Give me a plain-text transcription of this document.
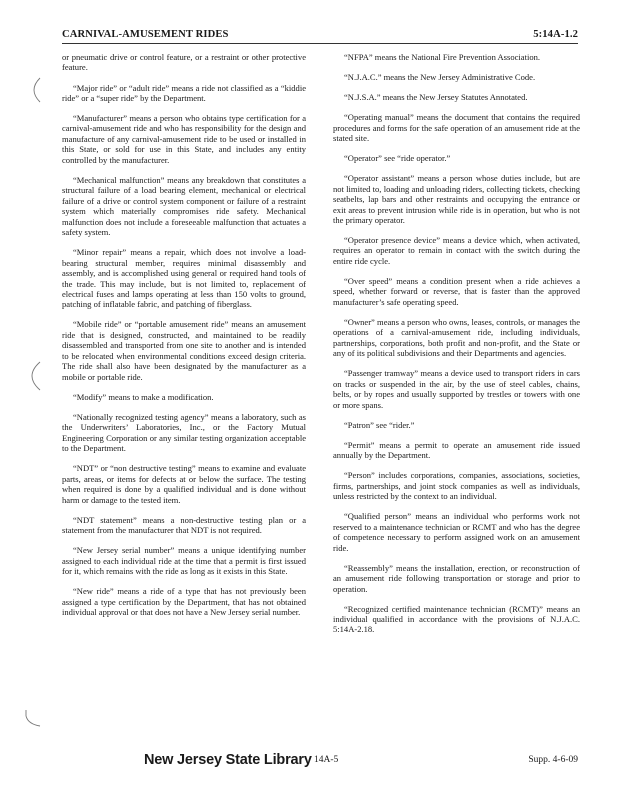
CARNIVAL-AMUSEMENT RIDES	5:14A-1.2

or pneumatic drive or control feature, or a restraint or other protective feature.

“Major ride” or “adult ride” means a ride not classified as a “kiddie ride” or a “super ride” by the Department.

“Manufacturer” means a person who obtains type certification for a carnival-amusement ride and who has responsibility for the design and manufacture of any carnival-amusement ride to be used or installed in this State, or sold for use in this State, and includes any entity controlled by the manufacturer.

“Mechanical malfunction” means any breakdown that constitutes a structural failure of a load bearing element, mechanical or electrical failure of a drive or control system component or failure of a restraint system which materially compromises ride safety. Mechanical malfunction does not include a foreseeable malfunction that actuates a safety system.

“Minor repair” means a repair, which does not involve a load-bearing structural member, requires minimal disassembly and assembly, and is accomplished using general or required hand tools of the trade. This may include, but is not limited to, replacement of electrical fuses and lamps operating at less than 150 volts to ground, patching of inflatable fabric, and patching of fiberglass.

“Mobile ride” or “portable amusement ride” means an amusement ride that is designed, constructed, and maintained to be readily disassembled and transported from one site to another and is intended to be relocated when environmental conditions exceed design criteria. The ride shall also have been designated by the manufacturer as a mobile or portable ride.

“Modify” means to make a modification.

“Nationally recognized testing agency” means a laboratory, such as the Underwriters’ Laboratories, Inc., or the Factory Mutual Engineering Corporation or any similar testing organization acceptable to the Department.

“NDT” or “non destructive testing” means to examine and evaluate parts, areas, or items for defects at or below the surface. The testing when required is done by a qualified individual and is done without harm or damage to the tested item.

“NDT statement” means a non-destructive testing plan or a statement from the manufacturer that NDT is not required.

“New Jersey serial number” means a unique identifying number assigned to each individual ride at the time that a permit is first issued for it, which remains with the ride as long as it exists in this State.

“New ride” means a ride of a type that has not previously been assigned a type certification by the Department, that has not obtained individual approval or that does not have a New Jersey serial number.

“NFPA” means the National Fire Prevention Association.

“N.J.A.C.” means the New Jersey Administrative Code.

“N.J.S.A.” means the New Jersey Statutes Annotated.

“Operating manual” means the document that contains the required procedures and forms for the safe operation of an amusement ride at the stated site.

“Operator” see “ride operator.”

“Operator assistant” means a person whose duties include, but are not limited to, loading and unloading riders, collecting tickets, checking seatbelts, lap bars and other restraints and occupying the entrance or exit areas to prevent intrusion while ride is in operation, but who is not the primary operator.

“Operator presence device” means a device which, when activated, requires an operator to remain in contact with the switch during the entire ride cycle.

“Over speed” means a condition present when a ride achieves a speed, whether forward or reverse, that is faster than the approved manufacturer’s safe operating speed.

“Owner” means a person who owns, leases, controls, or manages the operations of a carnival-amusement ride, including individuals, partnerships, corporations, both profit and non-profit, and the State or any of its political subdivisions and their Departments and agencies.

“Passenger tramway” means a device used to transport riders in cars on tracks or suspended in the air, by the use of steel cables, chains, belts, or by ropes and usually supported by trestles or towers with one or more spans.

“Patron” see “rider.”

“Permit” means a permit to operate an amusement ride issued annually by the Department.

“Person” includes corporations, companies, associations, societies, firms, partnerships, and joint stock companies as well as individuals, unless restricted by the context to an individual.

“Qualified person” means an individual who performs work not reserved to a maintenance technician or RCMT and who has the degree of competence necessary to perform assigned work on an amusement ride.

“Reassembly” means the installation, erection, or reconstruction of an amusement ride following transportation or storage and prior to operation.

“Recognized certified maintenance technician (RCMT)” means an individual qualified in accordance with the provisions of N.J.A.C. 5:14A-2.18.

New Jersey State Library 14A-5	Supp. 4-6-09
